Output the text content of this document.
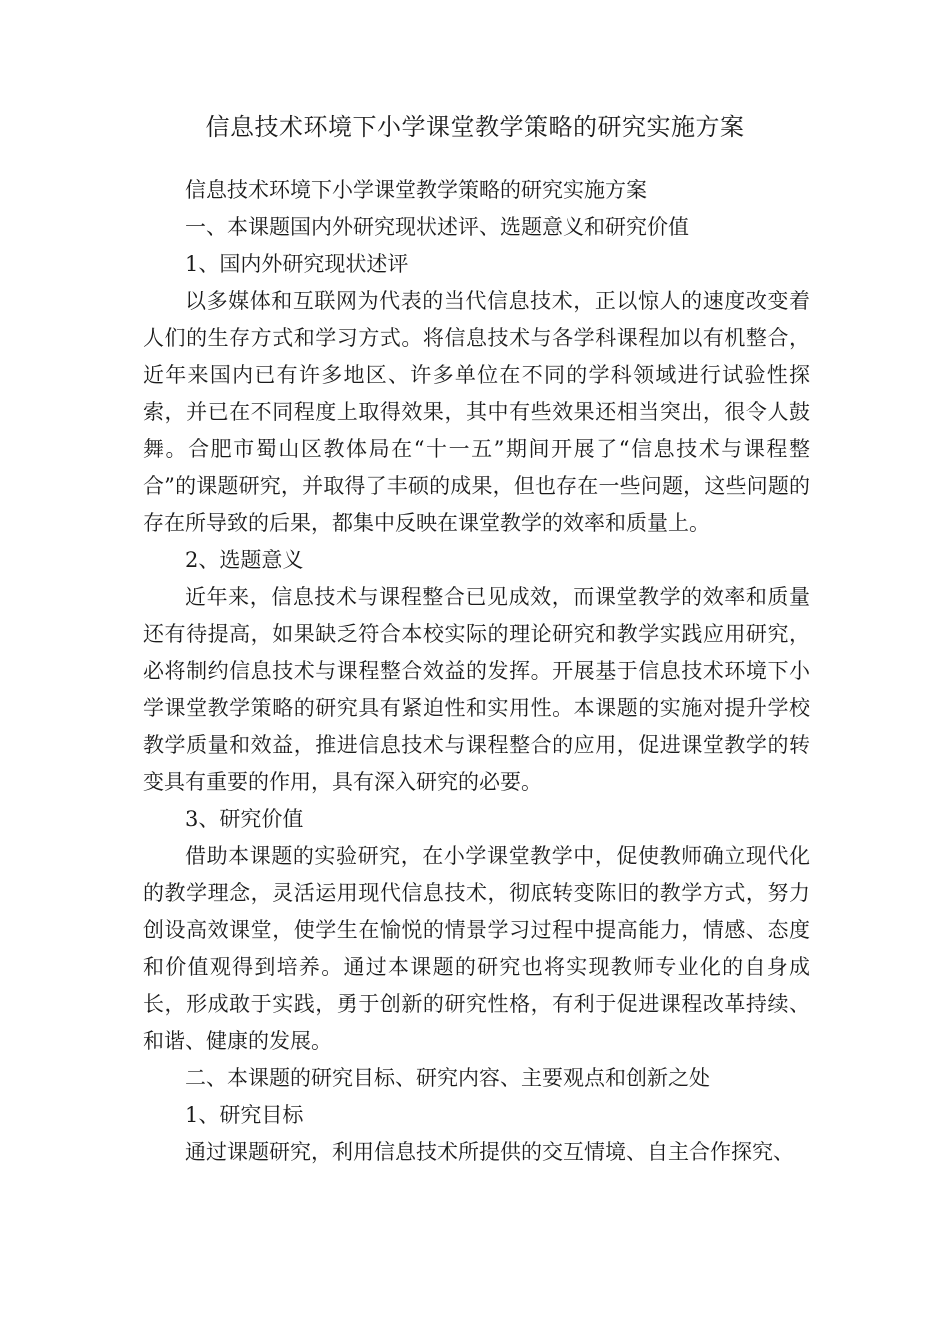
信息技术环境下小学课堂教学策略的研究实施方案

信息技术环境下小学课堂教学策略的研究实施方案

一、本课题国内外研究现状述评、选题意义和研究价值

1、国内外研究现状述评

以多媒体和互联网为代表的当代信息技术，正以惊人的速度改变着人们的生存方式和学习方式。将信息技术与各学科课程加以有机整合，近年来国内已有许多地区、许多单位在不同的学科领域进行试验性探索，并已在不同程度上取得效果，其中有些效果还相当突出，很令人鼓舞。合肥市蜀山区教体局在“十一五”期间开展了“信息技术与课程整合”的课题研究，并取得了丰硕的成果，但也存在一些问题，这些问题的存在所导致的后果，都集中反映在课堂教学的效率和质量上。

2、选题意义

近年来，信息技术与课程整合已见成效，而课堂教学的效率和质量还有待提高，如果缺乏符合本校实际的理论研究和教学实践应用研究，必将制约信息技术与课程整合效益的发挥。开展基于信息技术环境下小学课堂教学策略的研究具有紧迫性和实用性。本课题的实施对提升学校教学质量和效益，推进信息技术与课程整合的应用，促进课堂教学的转变具有重要的作用，具有深入研究的必要。

3、研究价值

借助本课题的实验研究，在小学课堂教学中，促使教师确立现代化的教学理念，灵活运用现代信息技术，彻底转变陈旧的教学方式，努力创设高效课堂，使学生在愉悦的情景学习过程中提高能力，情感、态度和价值观得到培养。通过本课题的研究也将实现教师专业化的自身成长，形成敢于实践，勇于创新的研究性格，有利于促进课程改革持续、和谐、健康的发展。

二、本课题的研究目标、研究内容、主要观点和创新之处

1、研究目标

通过课题研究，利用信息技术所提供的交互情境、自主合作探究、
